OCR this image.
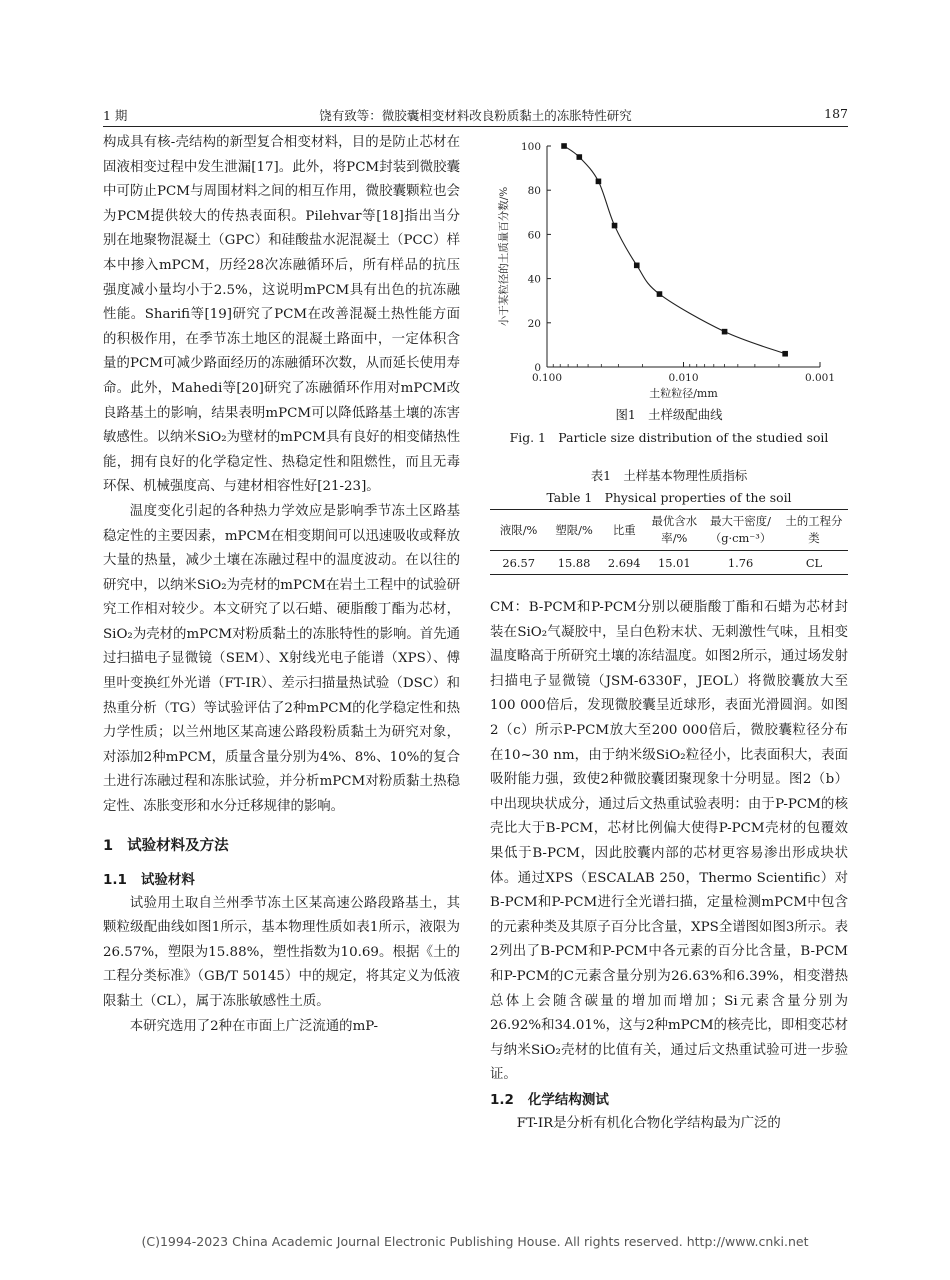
1 期	饶有致等：微胶囊相变材料改良粉质黏土的冻胀特性研究	187

构成具有核-壳结构的新型复合相变材料，目的是防止芯材在固液相变过程中发生泄漏[17]。此外，将PCM封装到微胶囊中可防止PCM与周围材料之间的相互作用，微胶囊颗粒也会为PCM提供较大的传热表面积。Pilehvar等[18]指出当分别在地聚物混凝土（GPC）和硅酸盐水泥混凝土（PCC）样本中掺入mPCM，历经28次冻融循环后，所有样品的抗压强度减小量均小于2.5%，这说明mPCM具有出色的抗冻融性能。Sharifi等[19]研究了PCM在改善混凝土热性能方面的积极作用，在季节冻土地区的混凝土路面中，一定体积含量的PCM可减少路面经历的冻融循环次数，从而延长使用寿命。此外，Mahedi等[20]研究了冻融循环作用对mPCM改良路基土的影响，结果表明mPCM可以降低路基土壤的冻害敏感性。以纳米SiO₂为壁材的mPCM具有良好的相变储热性能，拥有良好的化学稳定性、热稳定性和阻燃性，而且无毒环保、机械强度高、与建材相容性好[21-23]。

温度变化引起的各种热力学效应是影响季节冻土区路基稳定性的主要因素，mPCM在相变期间可以迅速吸收或释放大量的热量，减少土壤在冻融过程中的温度波动。在以往的研究中，以纳米SiO₂为壳材的mPCM在岩土工程中的试验研究工作相对较少。本文研究了以石蜡、硬脂酸丁酯为芯材，SiO₂为壳材的mPCM对粉质黏土的冻胀特性的影响。首先通过扫描电子显微镜（SEM）、X射线光电子能谱（XPS）、傅里叶变换红外光谱（FT-IR）、差示扫描量热试验（DSC）和热重分析（TG）等试验评估了2种mPCM的化学稳定性和热力学性质；以兰州地区某高速公路段粉质黏土为研究对象，对添加2种mPCM，质量含量分别为4%、8%、10%的复合土进行冻融过程和冻胀试验，并分析mPCM对粉质黏土热稳定性、冻胀变形和水分迁移规律的影响。

1 试验材料及方法
1.1 试验材料

试验用土取自兰州季节冻土区某高速公路段路基土，其颗粒级配曲线如图1所示，基本物理性质如表1所示，液限为26.57%，塑限为15.88%，塑性指数为10.69。根据《土的工程分类标准》（GB/T 50145）中的规定，将其定义为低液限黏土（CL），属于冻胀敏感性土质。

本研究选用了2种在市面上广泛流通的mP-

0
20
40
60
80
100
0.100	0.010	0.001
土粒粒径/mm
小于某粒径的土质量百分数/%
图1　土样级配曲线
Fig. 1　Particle size distribution of the studied soil
表1　土样基本物理性质指标
Table 1　Physical properties of the soil
液限/%	塑限/%	比重	最优含水率/%	最大干密度/（g·cm⁻³）	土的工程分类
26.57	15.88	2.694	15.01	1.76	CL

CM：B-PCM和P-PCM分别以硬脂酸丁酯和石蜡为芯材封装在SiO₂气凝胶中，呈白色粉末状、无刺激性气味，且相变温度略高于所研究土壤的冻结温度。如图2所示，通过场发射扫描电子显微镜（JSM-6330F，JEOL）将微胶囊放大至100 000倍后，发现微胶囊呈近球形，表面光滑圆润。如图2（c）所示P-PCM放大至200 000倍后，微胶囊粒径分布在10~30 nm，由于纳米级SiO₂粒径小，比表面积大，表面吸附能力强，致使2种微胶囊团聚现象十分明显。图2（b）中出现块状成分，通过后文热重试验表明：由于P-PCM的核壳比大于B-PCM，芯材比例偏大使得P-PCM壳材的包覆效果低于B-PCM，因此胶囊内部的芯材更容易渗出形成块状体。通过XPS（ESCALAB 250，Thermo Scientific）对B-PCM和P-PCM进行全光谱扫描，定量检测mPCM中包含的元素种类及其原子百分比含量，XPS全谱图如图3所示。表2列出了B-PCM和P-PCM中各元素的百分比含量，B-PCM和P-PCM的C元素含量分别为26.63%和6.39%，相变潜热总体上会随含碳量的增加而增加；Si元素含量分别为26.92%和34.01%，这与2种mPCM的核壳比，即相变芯材与纳米SiO₂壳材的比值有关，通过后文热重试验可进一步验证。

1.2 化学结构测试

FT-IR是分析有机化合物化学结构最为广泛的

(C)1994-2023 China Academic Journal Electronic Publishing House. All rights reserved. http://www.cnki.net
